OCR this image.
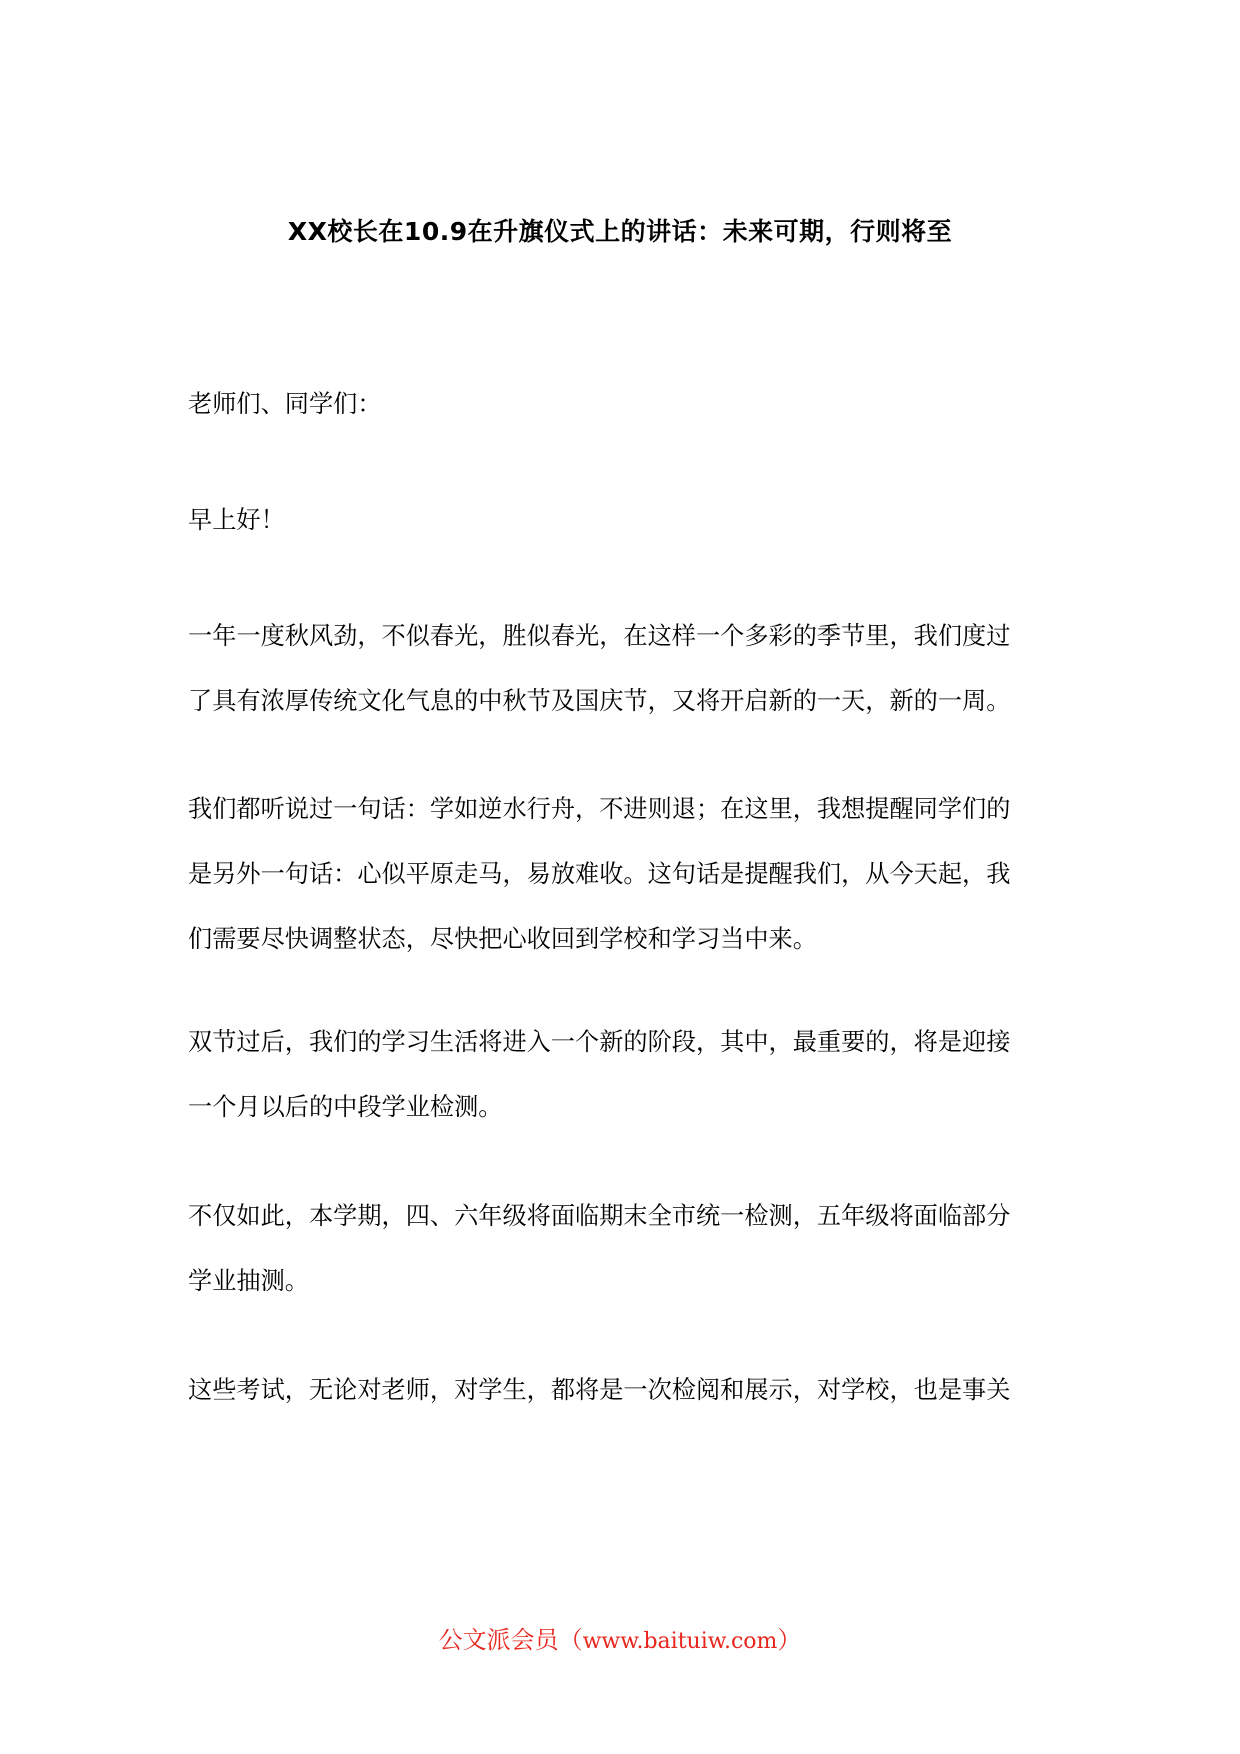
XX校长在10.9在升旗仪式上的讲话：未来可期，行则将至
老师们、同学们：
早上好！
一年一度秋风劲，不似春光，胜似春光，在这样一个多彩的季节里，我们度过
了具有浓厚传统文化气息的中秋节及国庆节，又将开启新的一天，新的一周。
我们都听说过一句话：学如逆水行舟，不进则退；在这里，我想提醒同学们的
是另外一句话：心似平原走马，易放难收。这句话是提醒我们，从今天起，我
们需要尽快调整状态，尽快把心收回到学校和学习当中来。
双节过后，我们的学习生活将进入一个新的阶段，其中，最重要的，将是迎接
一个月以后的中段学业检测。
不仅如此，本学期，四、六年级将面临期末全市统一检测，五年级将面临部分
学业抽测。
这些考试，无论对老师，对学生，都将是一次检阅和展示，对学校，也是事关
公文派会员（www.baituiw.com）
